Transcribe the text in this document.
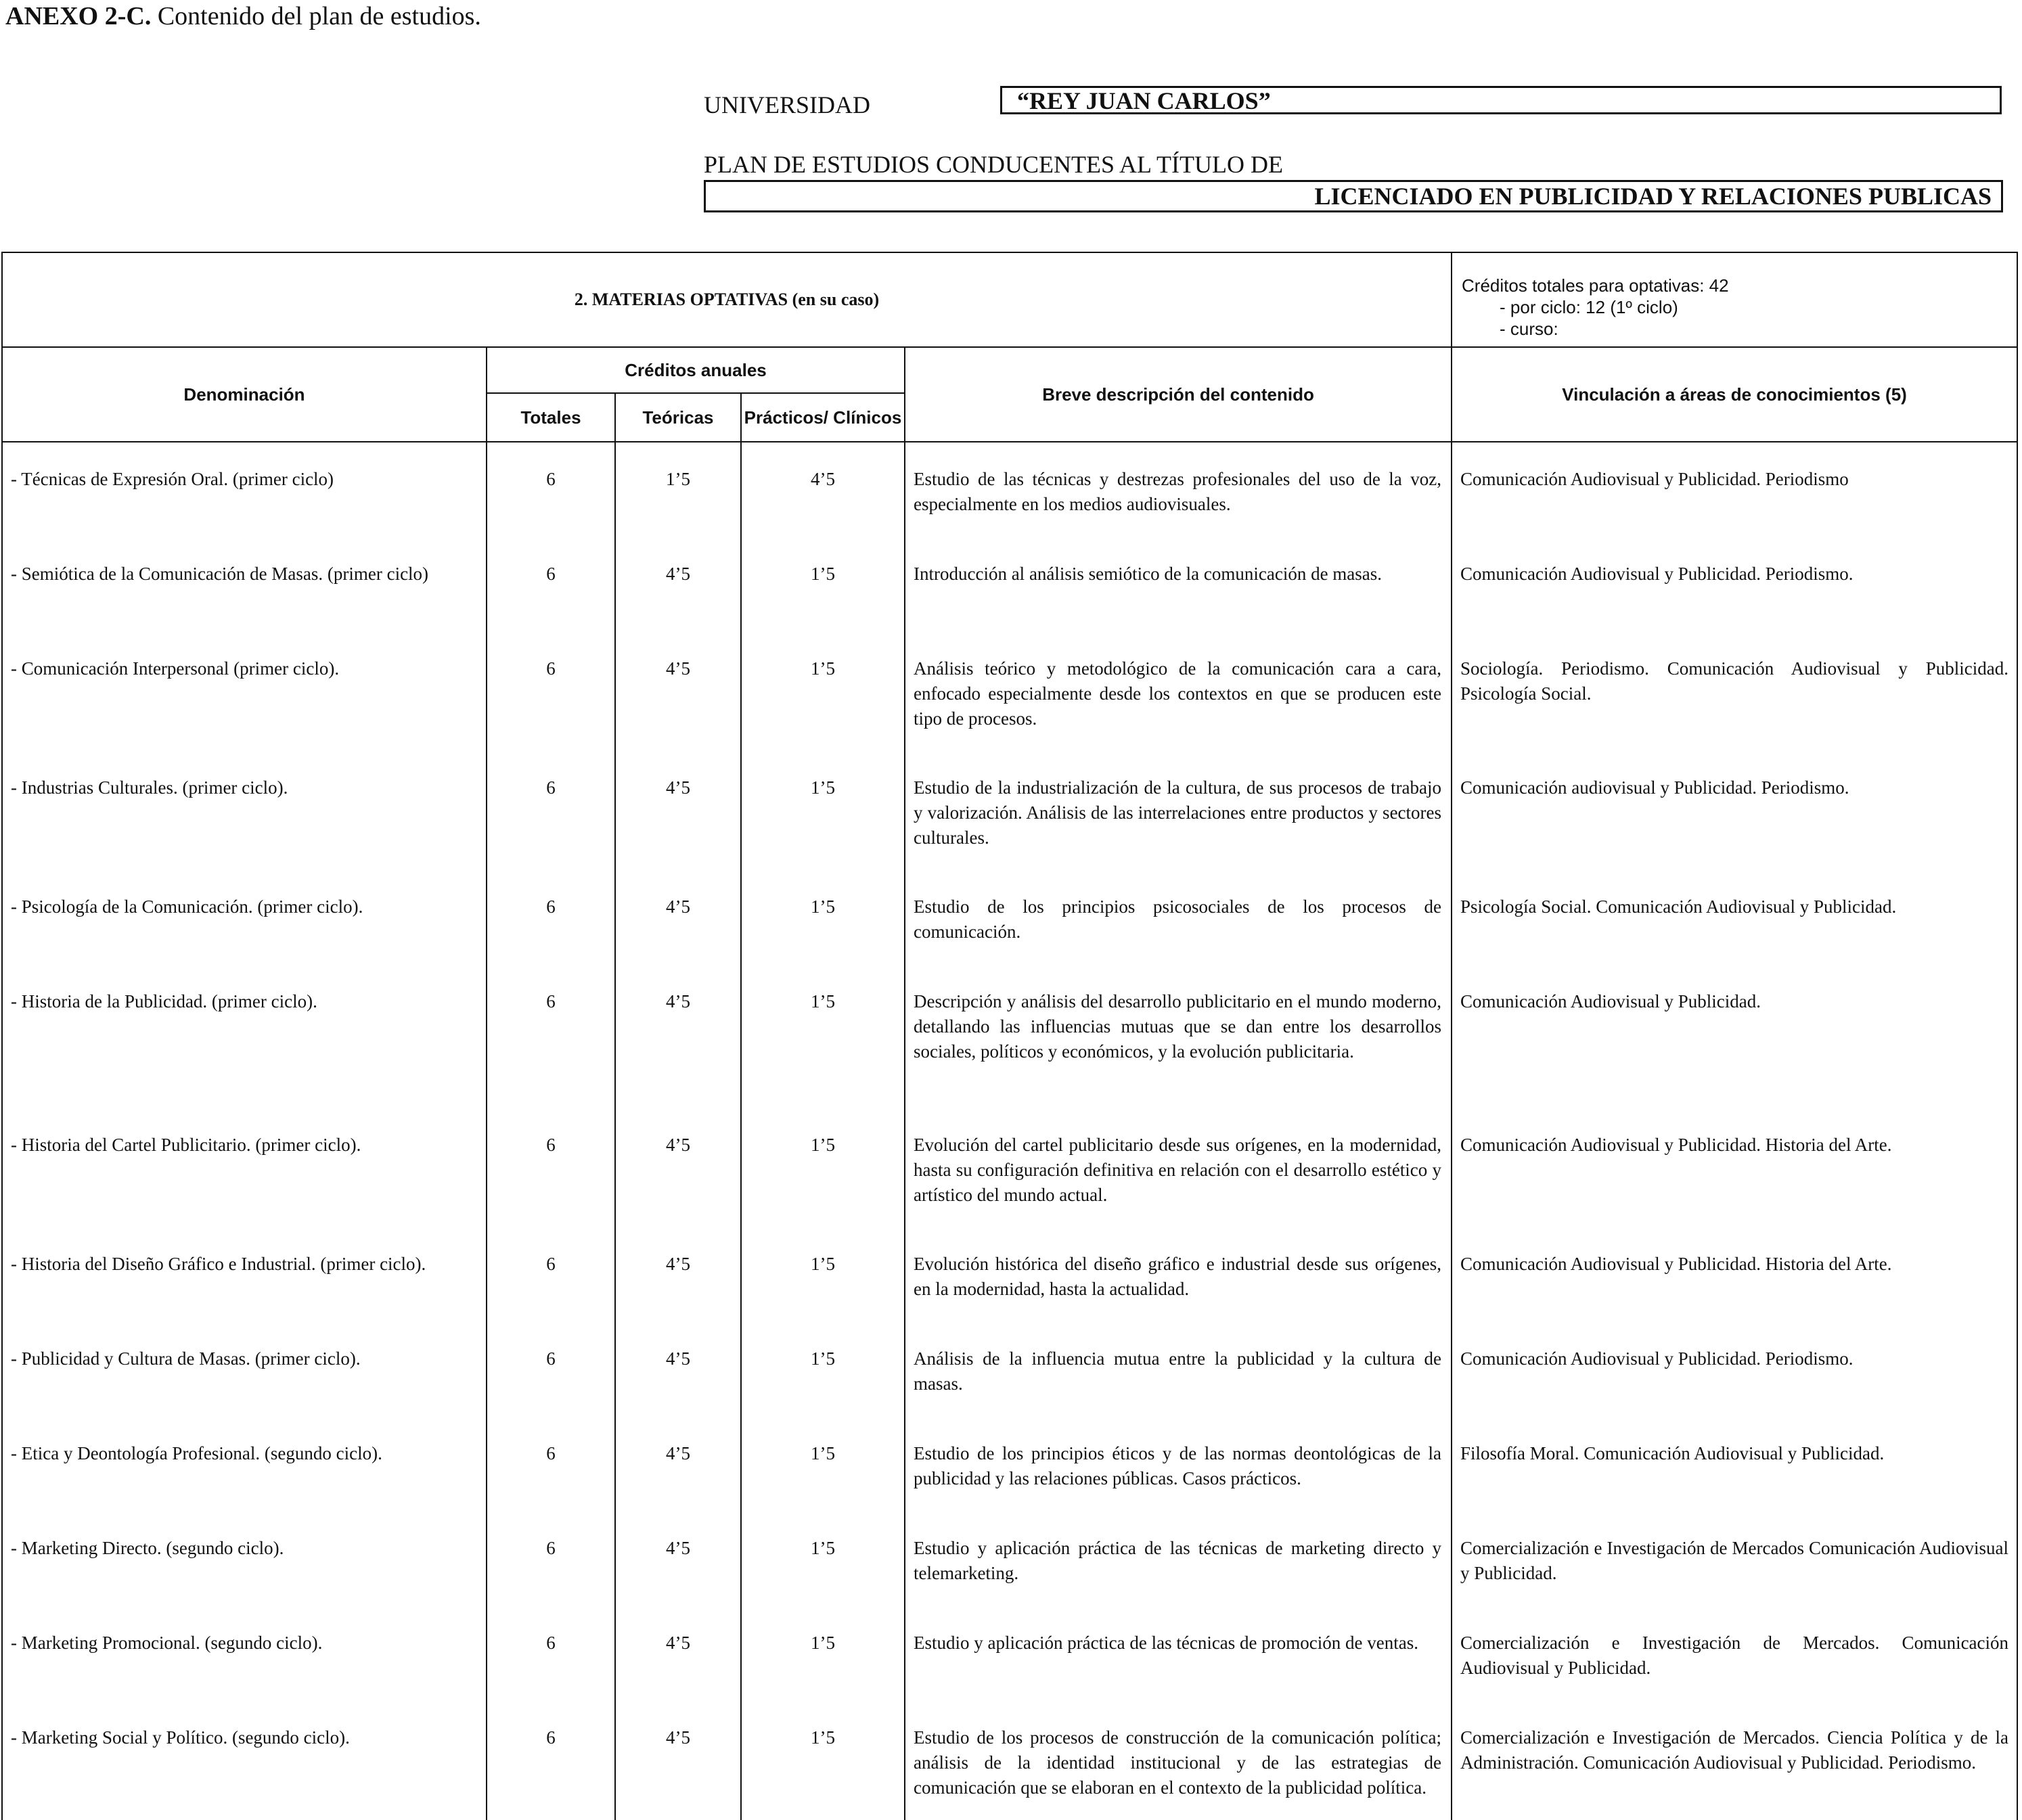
ANEXO 2-C. Contenido del plan de estudios.
UNIVERSIDAD	“REY JUAN CARLOS”
PLAN DE ESTUDIOS CONDUCENTES AL TÍTULO DE
LICENCIADO EN PUBLICIDAD Y RELACIONES PUBLICAS
2. MATERIAS OPTATIVAS (en su caso)					Créditos totales para optativas: 42
- por ciclo: 12 (1º ciclo)
- curso:

Denominación	Créditos anuales			Breve descripción del contenido	Vinculación a áreas de conocimientos (5)
	Totales	Teóricas	Prácticos/ Clínicos		
- Técnicas de Expresión Oral. (primer ciclo)	6	1’5	4’5	Estudio de las técnicas y destrezas profesionales del uso de la voz, especialmente en los medios audiovisuales.	Comunicación Audiovisual y Publicidad. Periodismo
- Semiótica de la Comunicación de Masas. (primer ciclo)	6	4’5	1’5	Introducción al análisis semiótico de la comunicación de masas.	Comunicación Audiovisual y Publicidad. Periodismo.
- Comunicación Interpersonal (primer ciclo).	6	4’5	1’5	Análisis teórico y metodológico de la comunicación cara a cara, enfocado especialmente desde los contextos en que se producen este tipo de procesos.	Sociología. Periodismo. Comunicación Audiovisual y Publicidad. Psicología Social.
- Industrias Culturales. (primer ciclo).	6	4’5	1’5	Estudio de la industrialización de la cultura, de sus procesos de trabajo y valorización. Análisis de las interrelaciones entre productos y sectores culturales.	Comunicación audiovisual y Publicidad. Periodismo.
- Psicología de la Comunicación. (primer ciclo).	6	4’5	1’5	Estudio de los principios psicosociales de los procesos de comunicación.	Psicología Social. Comunicación Audiovisual y Publicidad.
- Historia de la Publicidad. (primer ciclo).	6	4’5	1’5	Descripción y análisis del desarrollo publicitario en el mundo moderno, detallando las influencias mutuas que se dan entre los desarrollos sociales, políticos y económicos, y la evolución publicitaria.	Comunicación Audiovisual y Publicidad.
- Historia del Cartel Publicitario. (primer ciclo).	6	4’5	1’5	Evolución del cartel publicitario desde sus orígenes, en la modernidad, hasta su configuración definitiva en relación con el desarrollo estético y artístico del mundo actual.	Comunicación Audiovisual y Publicidad. Historia del Arte.
- Historia del Diseño Gráfico e Industrial. (primer ciclo).	6	4’5	1’5	Evolución histórica del diseño gráfico e industrial desde sus orígenes, en la modernidad, hasta la actualidad.	Comunicación Audiovisual y Publicidad. Historia del Arte.
- Publicidad y Cultura de Masas. (primer ciclo).	6	4’5	1’5	Análisis de la influencia mutua entre la publicidad y la cultura de masas.	Comunicación Audiovisual y Publicidad. Periodismo.
- Etica y Deontología Profesional. (segundo ciclo).	6	4’5	1’5	Estudio de los principios éticos y de las normas deontológicas de la publicidad y las relaciones públicas. Casos prácticos.	Filosofía Moral. Comunicación Audiovisual y Publicidad.
- Marketing Directo. (segundo ciclo).	6	4’5	1’5	Estudio y aplicación práctica de las técnicas de marketing directo y telemarketing.	Comercialización e Investigación de Mercados Comunicación Audiovisual y Publicidad.
- Marketing Promocional. (segundo ciclo).	6	4’5	1’5	Estudio y aplicación práctica de las técnicas de promoción de ventas.	Comercialización e Investigación de Mercados. Comunicación Audiovisual y Publicidad.
- Marketing Social y Político. (segundo ciclo).	6	4’5	1’5	Estudio de los procesos de construcción de la comunicación política; análisis de la identidad institucional y de las estrategias de comunicación que se elaboran en el contexto de la publicidad política.	Comercialización e Investigación de Mercados. Ciencia Política y de la Administración. Comunicación Audiovisual y Publicidad. Periodismo.
